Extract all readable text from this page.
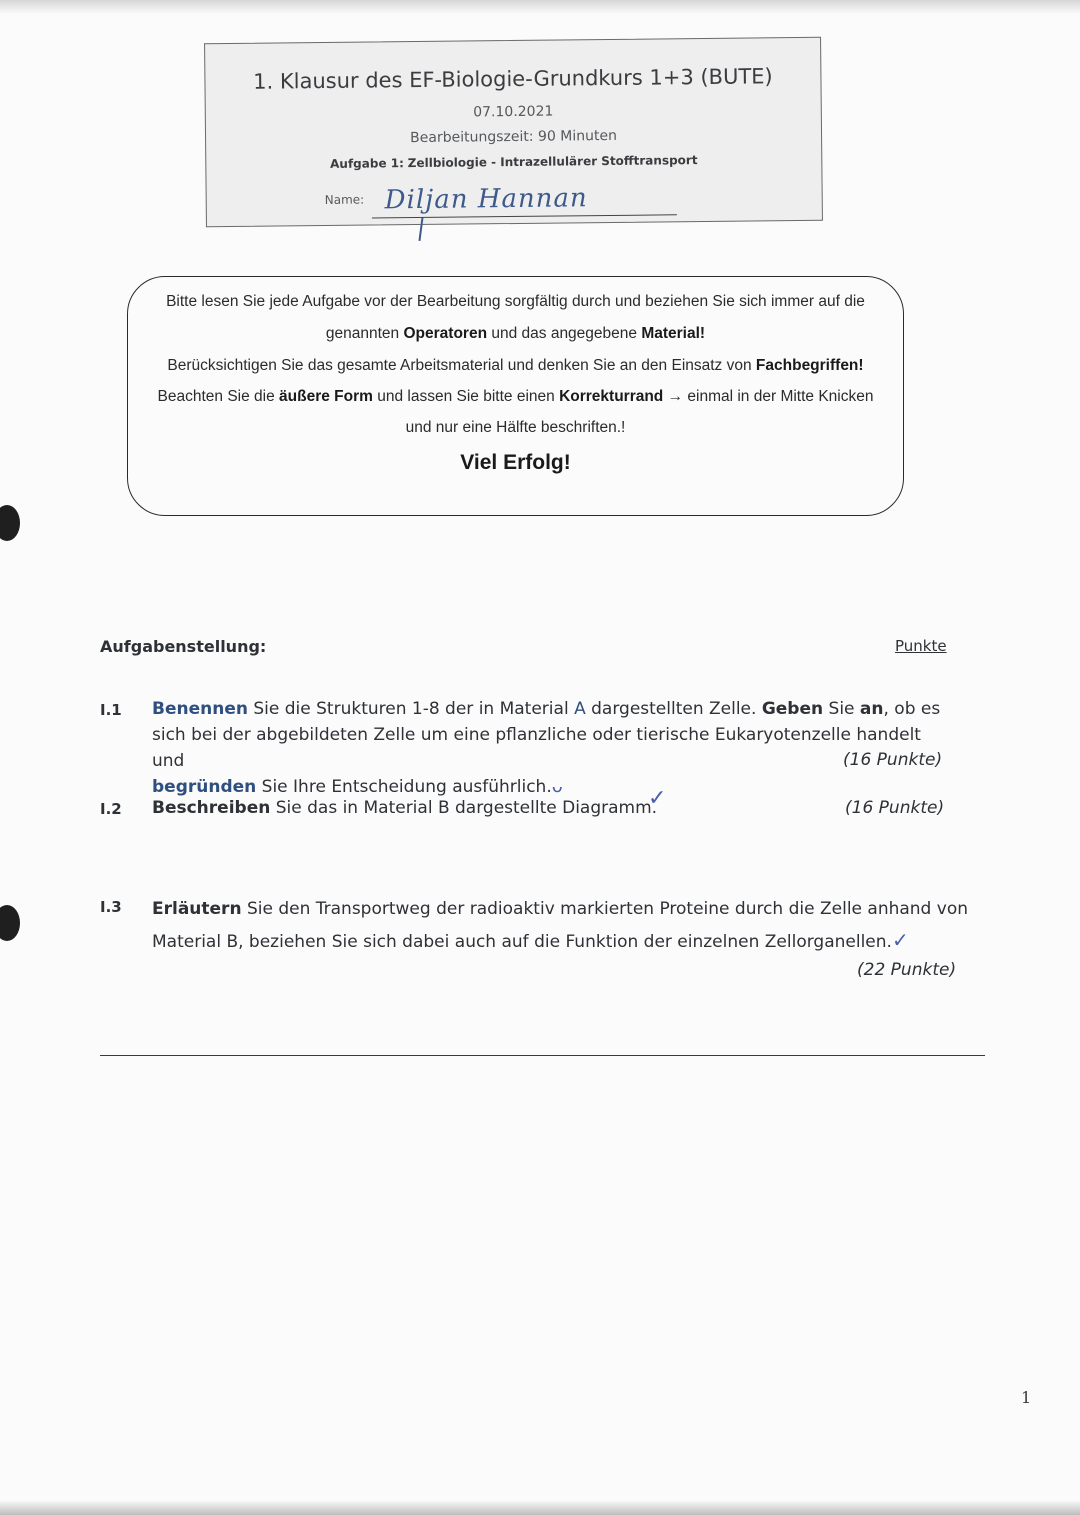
1. Klausur des EF-Biologie-Grundkurs 1+3 (BUTE)
07.10.2021
Bearbeitungszeit: 90 Minuten
Aufgabe 1: Zellbiologie - Intrazellulärer Stofftransport
Name: Diljan Hannan
Bitte lesen Sie jede Aufgabe vor der Bearbeitung sorgfältig durch und beziehen Sie sich immer auf die
genannten Operatoren und das angegebene Material!
Berücksichtigen Sie das gesamte Arbeitsmaterial und denken Sie an den Einsatz von Fachbegriffen!
Beachten Sie die äußere Form und lassen Sie bitte einen Korrekturrand → einmal in der Mitte Knicken
und nur eine Hälfte beschriften.!
Viel Erfolg!
Aufgabenstellung:	Punkte
I.1 Benennen Sie die Strukturen 1-8 der in Material A dargestellten Zelle. Geben Sie an, ob es
sich bei der abgebildeten Zelle um eine pflanzliche oder tierische Eukaryotenzelle handelt und
begründen Sie Ihre Entscheidung ausführlich.ᴗ
(16 Punkte)
I.2 Beschreiben Sie das in Material B dargestellte Diagramm.
✓	(16 Punkte)
I.3 Erläutern Sie den Transportweg der radioaktiv markierten Proteine durch die Zelle anhand von
Material B, beziehen Sie sich dabei auch auf die Funktion der einzelnen Zellorganellen.✓
(22 Punkte)
1
